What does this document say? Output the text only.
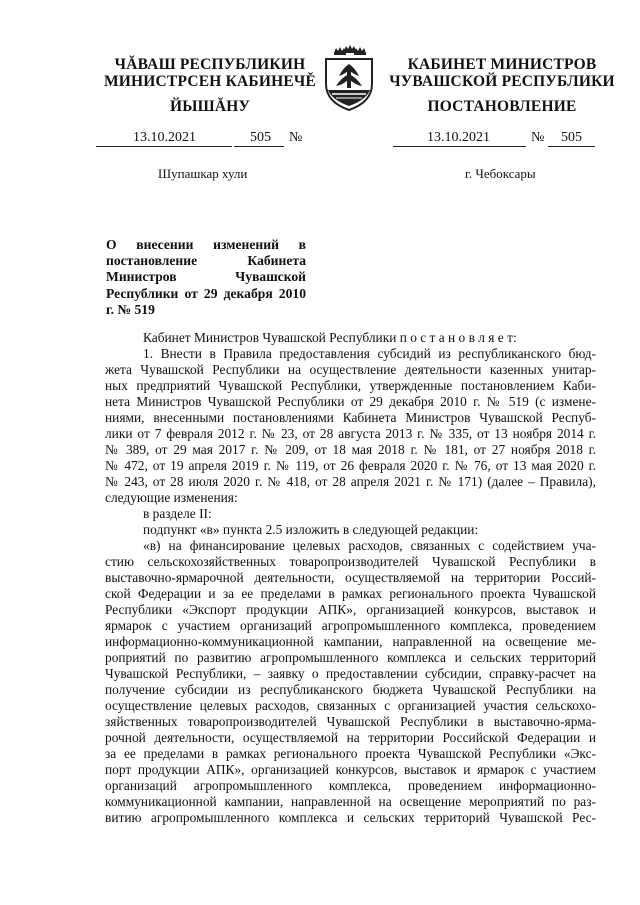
ЧĂВАШ РЕСПУБЛИКИН
МИНИСТРСЕН КАБИНЕЧĚ
ЙЫШĂНУ
КАБИНЕТ МИНИСТРОВ
ЧУВАШСКОЙ РЕСПУБЛИКИ
ПОСТАНОВЛЕНИЕ
13.10.2021	505 №	13.10.2021	№ 505
Шупашкар хули	г. Чебоксары
О внесении изменений в постановление Кабинета Министров Чувашской Республики от 29 декабря 2010 г. № 519
Кабинет Министров Чувашской Республики п о с т а н о в л я е т:
1. Внести в Правила предоставления субсидий из республиканского бюд-
жета Чувашской Республики на осуществление деятельности казенных унитар-
ных предприятий Чувашской Республики, утвержденные постановлением Каби-
нета Министров Чувашской Республики от 29 декабря 2010 г. № 519 (с измене-
ниями, внесенными постановлениями Кабинета Министров Чувашской Респуб-
лики от 7 февраля 2012 г. № 23, от 28 августа 2013 г. № 335, от 13 ноября 2014 г.
№ 389, от 29 мая 2017 г. № 209, от 18 мая 2018 г. № 181, от 27 ноября 2018 г.
№ 472, от 19 апреля 2019 г. № 119, от 26 февраля 2020 г. № 76, от 13 мая 2020 г.
№ 243, от 28 июля 2020 г. № 418, от 28 апреля 2021 г. № 171) (далее – Правила),
следующие изменения:
в разделе II:
подпункт «в» пункта 2.5 изложить в следующей редакции:
«в) на финансирование целевых расходов, связанных с содействием уча-
стию сельскохозяйственных товаропроизводителей Чувашской Республики в
выставочно-ярмарочной деятельности, осуществляемой на территории Россий-
ской Федерации и за ее пределами в рамках регионального проекта Чувашской
Республики «Экспорт продукции АПК», организацией конкурсов, выставок и
ярмарок с участием организаций агропромышленного комплекса, проведением
информационно-коммуникационной кампании, направленной на освещение ме-
роприятий по развитию агропромышленного комплекса и сельских территорий
Чувашской Республики, – заявку о предоставлении субсидии, справку-расчет на
получение субсидии из республиканского бюджета Чувашской Республики на
осуществление целевых расходов, связанных с организацией участия сельскохо-
зяйственных товаропроизводителей Чувашской Республики в выставочно-ярма-
рочной деятельности, осуществляемой на территории Российской Федерации и
за ее пределами в рамках регионального проекта Чувашской Республики «Экс-
порт продукции АПК», организацией конкурсов, выставок и ярмарок с участием
организаций агропромышленного комплекса, проведением информационно-
коммуникационной кампании, направленной на освещение мероприятий по раз-
витию агропромышленного комплекса и сельских территорий Чувашской Рес-
